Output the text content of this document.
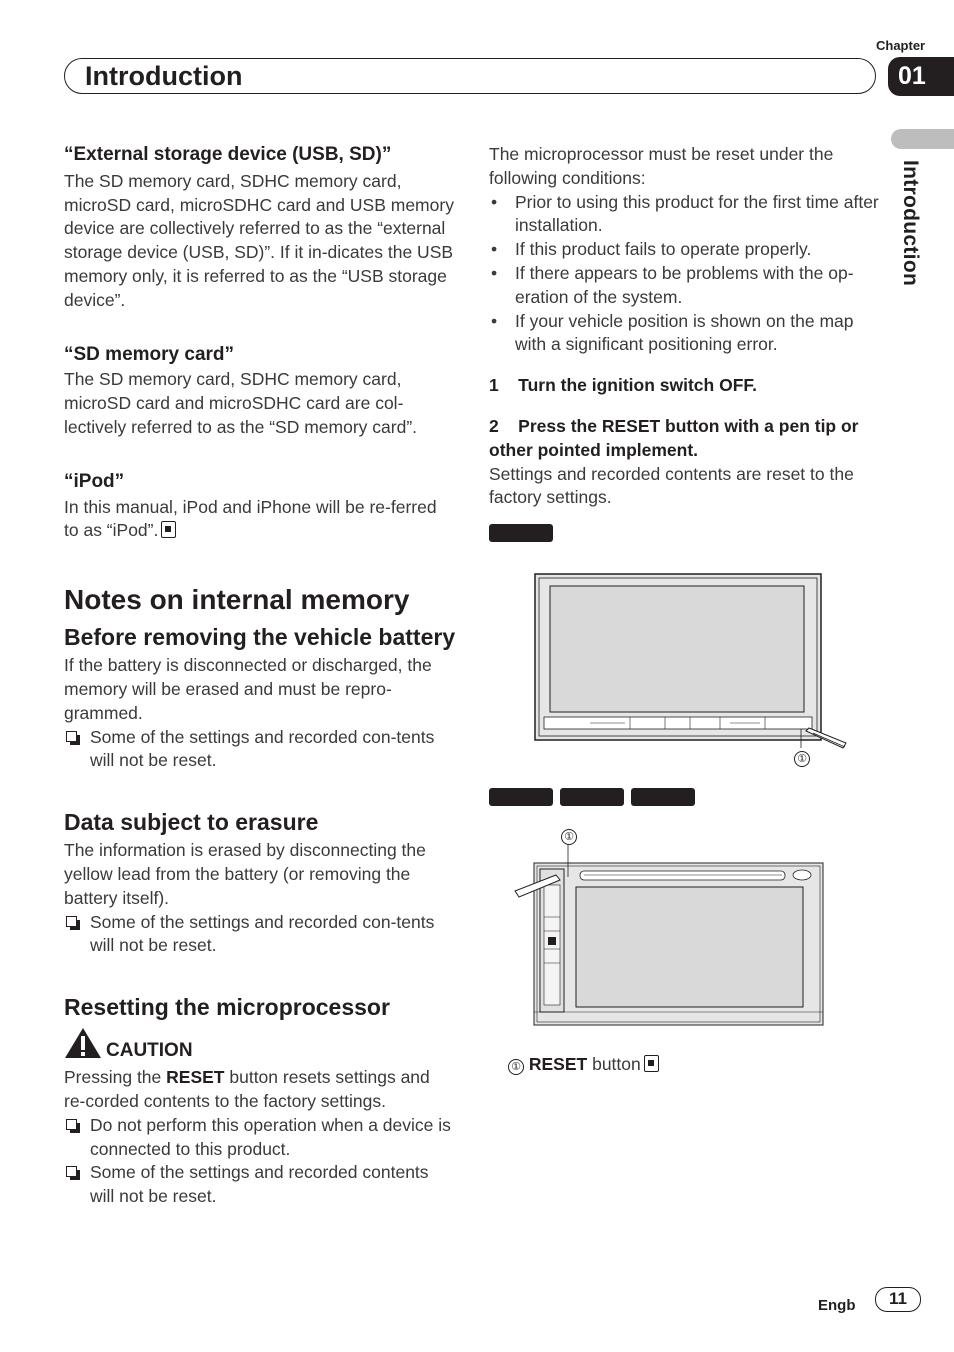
Chapter
01
Introduction
Introduction

“External storage device (USB, SD)”

The SD memory card, SDHC memory card, microSD card, microSDHC card and USB memory device are collectively referred to as the “external storage device (USB, SD)”. If it in-dicates the USB memory only, it is referred to as the “USB storage device”.

“SD memory card”

The SD memory card, SDHC memory card, microSD card and microSDHC card are col-lectively referred to as the “SD memory card”.

“iPod”

In this manual, iPod and iPhone will be re-ferred to as “iPod”.

Notes on internal memory

Before removing the vehicle battery

If the battery is disconnected or discharged, the memory will be erased and must be repro-grammed.

Some of the settings and recorded con-tents will not be reset.

Data subject to erasure

The information is erased by disconnecting the yellow lead from the battery (or removing the battery itself).

Some of the settings and recorded con-tents will not be reset.

Resetting the microprocessor

CAUTION

Pressing the RESET button resets settings and re-corded contents to the factory settings.

Do not perform this operation when a device is connected to this product.

Some of the settings and recorded contents will not be reset.

The microprocessor must be reset under the following conditions:

• Prior to using this product for the first time after installation.

• If this product fails to operate properly.

• If there appears to be problems with the op-eration of the system.

• If your vehicle position is shown on the map with a significant positioning error.

1    Turn the ignition switch OFF.

2    Press the RESET button with a pen tip or other pointed implement.

Settings and recorded contents are reset to the factory settings.

①
①

① RESET button

Engb	11
